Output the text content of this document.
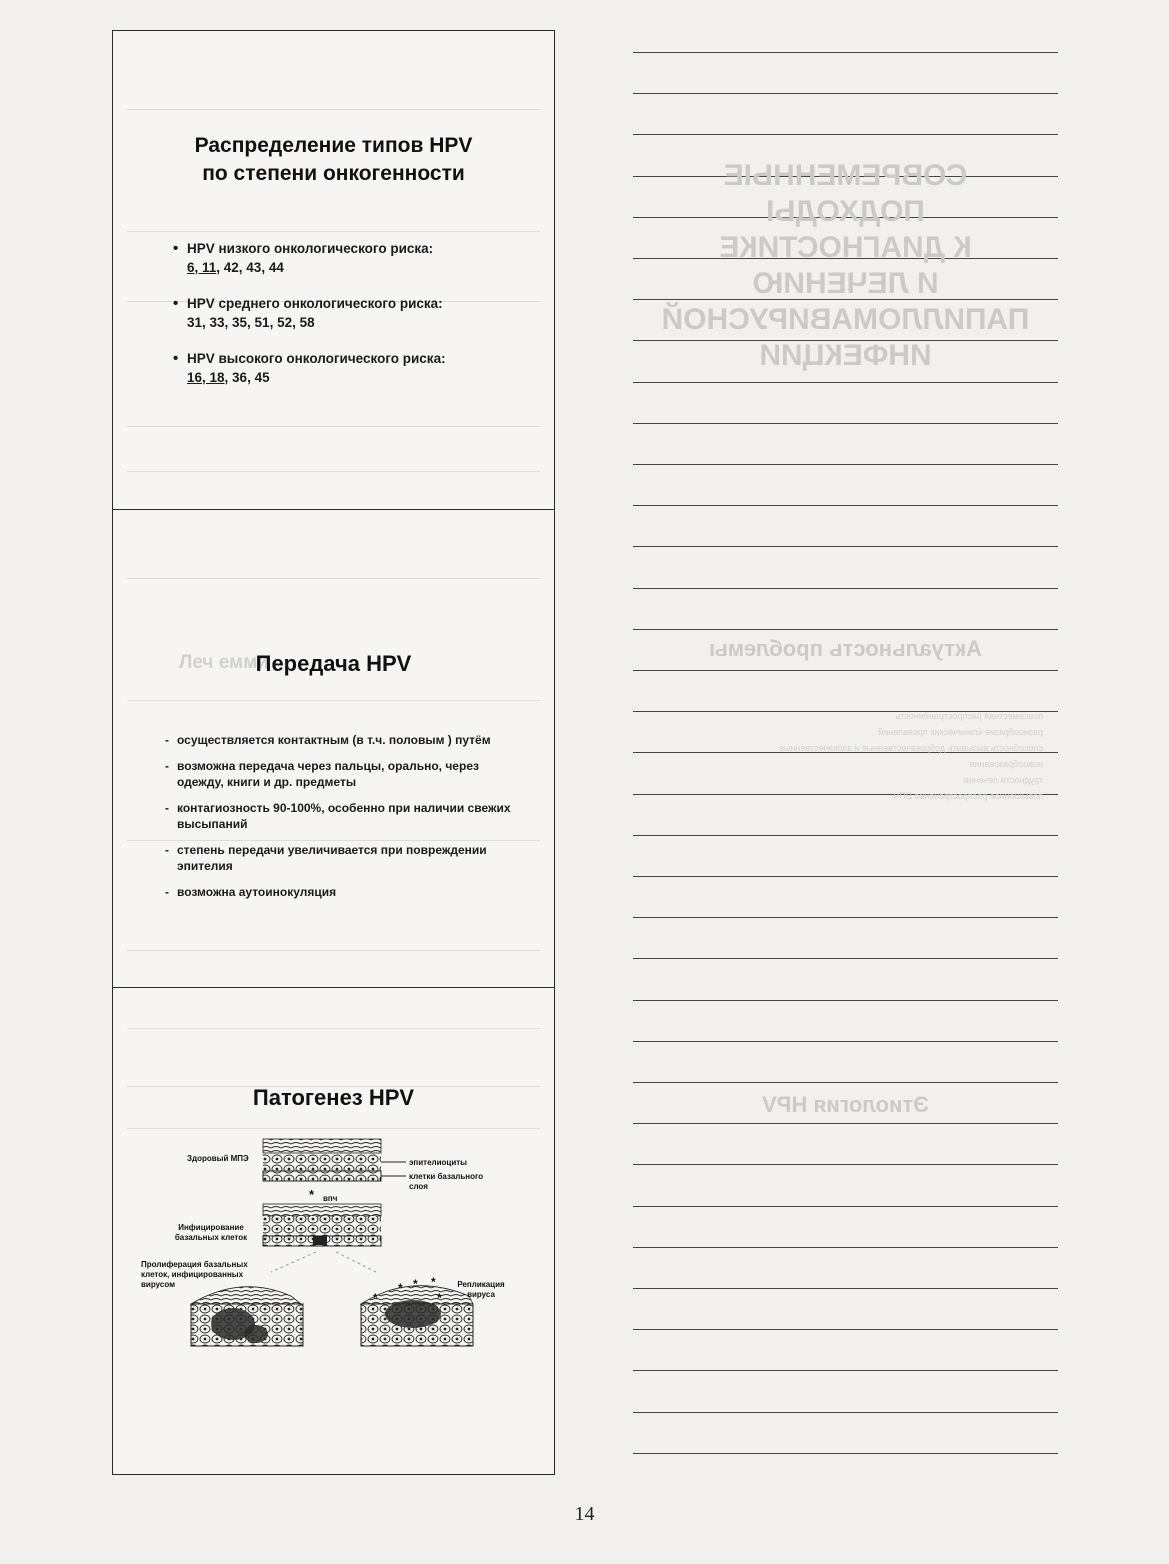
Распределение типов HPV
по степени онкогенности
• HPV низкого онкологического риска:
6, 11, 42, 43, 44
• HPV среднего онкологического риска:
31, 33, 35, 51, 52, 58
• HPV высокого онкологического риска:
16, 18, 36, 45
Леч емми
Передача HPV
- осуществляется контактным (в т.ч. половым ) путём
- возможна передача через пальцы, орально, через одежду, книги и др. предметы
- контагиозность 90-100%, особенно при наличии свежих высыпаний
- степень передачи увеличивается при повреждении эпителия
- возможна аутоинокуляция
Патогенез HPV
*
*
* * *
*
Здоровый МПЭ	эпителиоциты
клетки базального слоя
впч
Инфицирование базальных клеток
Пролиферация базальных клеток, инфицированных вирусом	Репликация вируса
СОВРЕМЕННЫЕ
ПОДХОДЫ
К ДИАГНОСТИКЕ
И ЛЕЧЕНИЮ
ПАПИЛЛОМАВИРУСНОЙ
ИНФЕКЦИИ
Актуальность проблемы
повсеместная распространённость
разнообразие клинических проявлений
способность вызывать доброкачественные и злокачественные новообразования
трудности лечения
повышенное распространение ВПЧ
Этиология HPV
14
